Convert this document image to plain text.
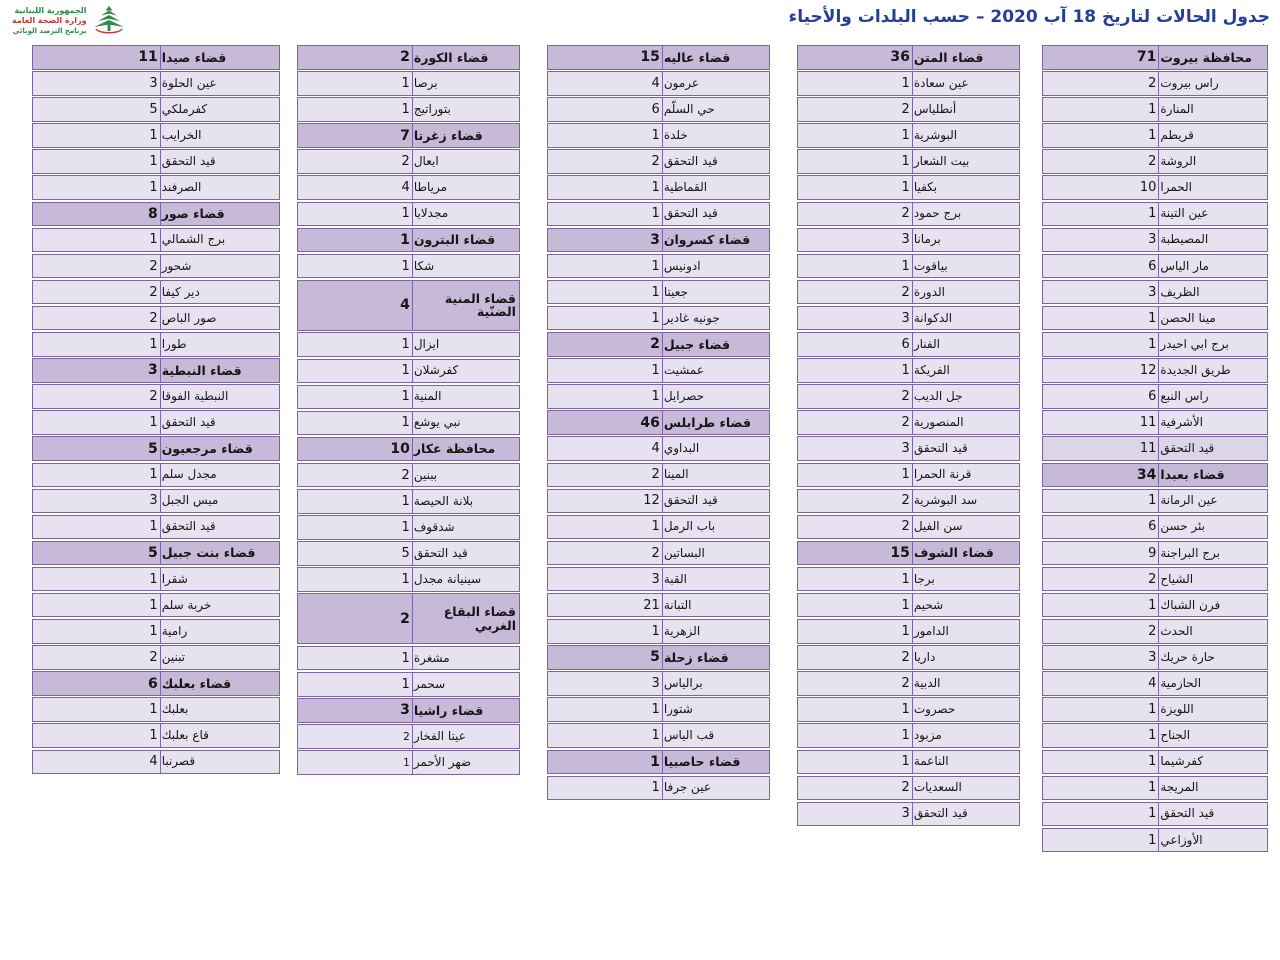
الجمهورية اللبنانية
وزارة الصحة العامة
برنامج الترصد الوبائي
جدول الحالات لتاريخ 18 آب 2020 – حسب البلدات والأحياء
71 محافظة بيروت
2 راس بيروت
1 المنارة
1 قريطم
2 الروشة
10 الحمرا
1 عين التينة
3 المصيطبة
6 مار الياس
3 الظريف
1 مينا الحصن
1 برج ابي احيدر
12 طريق الجديدة
6 راس النبع
11 الأشرفية
11 قيد التحقق
34 قضاء بعبدا
1 عين الرمانة
6 بئر حسن
9 برج البراجنة
2 الشياح
1 فرن الشباك
2 الحدث
3 حارة حريك
4 الحازمية
1 اللويزة
1 الجناح
1 كفرشيما
1 المريجة
1 قيد التحقق
1 الأوزاعي
36 قضاء المتن
1 عين سعادة
2 أنطلياس
1 البوشرية
1 بيت الشعار
1 بكفيا
2 برج حمود
3 برمانا
1 بياقوت
2 الدورة
3 الدكوانة
6 الفنار
1 الفريكة
2 جل الديب
2 المنصورية
3 قيد التحقق
1 قرنة الحمرا
2 سد البوشرية
2 سن الفيل
15 قضاء الشوف
1 برجا
1 شحيم
1 الدامور
2 داريا
2 الدبية
1 حصروت
1 مزبود
1 الناعمة
2 السعديات
3 قيد التحقق
15 قضاء عاليه
4 عرمون
6 حي السلّم
1 خلدة
2 قيد التحقق
1 القماطية
1 قيد التحقق
3 قضاء كسروان
1 ادونيس
1 جعيتا
1 جونيه غادير
2 قضاء جبيل
1 عمشيت
1 حصرايل
46 قضاء طرابلس
4 البداوي
2 المينا
12 قيد التحقق
1 باب الرمل
2 البساتين
3 القبة
21 التبانة
1 الزهرية
5 قضاء زحلة
3 برالياس
1 شتورا
1 قب الياس
1 قضاء حاصبيا
1 عين جرفا
2 قضاء الكورة
1 برصا
1 بتوراتيج
7 قضاء زغرتا
2 ايعال
4 مرياطا
1 مجدلايا
1 قضاء البترون
1 شكا
4	قضاء المنية الضنّية
1 ايزال
1 كفرشلان
1 المنية
1 نبي يوشع
10 محافظة عكار
2 ببنين
1 بلانة الحيصة
1 شدقوف
5 قيد التحقق
1 سينيانة مجدل
2	قضاء البقاع الغربي
1 مشغرة
1 سحمر
3 قضاء راشيا
2 عيتا الفخار
1 ضهر الأحمر
11 قضاء صيدا
3 عين الحلوة
5 كفرملكي
1 الخرايب
1 قيد التحقق
1 الصرفند
8 قضاء صور
1 برج الشمالي
2 شحور
2 دير كيفا
2 صور الباص
1 طورا
3 قضاء النبطية
2 النبطية الفوقا
1 قيد التحقق
5 قضاء مرجعيون
1 مجدل سلم
3 ميس الجبل
1 قيد التحقق
5 قضاء بنت جبيل
1 شقرا
1 خربة سلم
1 رامية
2 تبنين
6 قضاء بعلبك
1 بعلبك
1 قاع بعلبك
4 قصرنبا
